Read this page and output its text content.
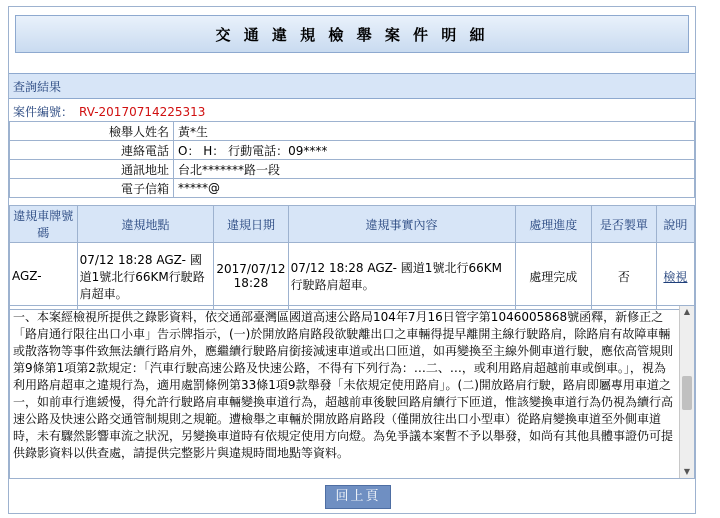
交 通 違 規 檢 舉 案 件 明 細
查詢結果
案件編號： RV-20170714225313
檢舉人姓名	黃*生
連絡電話	O： H： 行動電話：09****
通訊地址	台北*******路一段
電子信箱	*****@
違規車牌號碼	違規地點	違規日期	違規事實內容	處理進度	是否製單	說明
AGZ-	07/12 18:28 AGZ- 國道1號北行66KM行駛路肩超車。	2017/07/12 18:28	07/12 18:28 AGZ- 國道1號北行66KM行駛路肩超車。	處理完成	否	檢視
一、本案經檢視所提供之錄影資料，依交通部臺灣區國道高速公路局104年7月16日管字第1046005868號函釋，新修正之「路肩通行限往出口小車」告示牌指示，(一)於開放路肩路段欲駛離出口之車輛得提早離開主線行駛路肩，除路肩有故障車輛或散落物等事件致無法續行路肩外，應繼續行駛路肩銜接減速車道或出口匝道，如再變換至主線外側車道行駛，應依高管規則第9條第1項第2款規定：「汽車行駛高速公路及快速公路，不得有下列行為：…二、…，或利用路肩超越前車或倒車。」，視為利用路肩超車之違規行為，適用處罰條例第33條1項9款舉發「未依規定使用路肩」。(二)開放路肩行駛，路肩即屬專用車道之一，如前車行進緩慢，得允許行駛路肩車輛變換車道行為，超越前車後駛回路肩續行下匝道，惟該變換車道行為仍視為續行高速公路及快速公路交通管制規則之規範。遭檢舉之車輛於開放路肩路段（僅開放往出口小型車）從路肩變換車道至外側車道時，未有驟然影響車流之狀況，另變換車道時有依規定使用方向燈。為免爭議本案暫不予以舉發，如尚有其他具體事證仍可提供錄影資料以供查處，請提供完整影片與違規時間地點等資料。
▲
▼
回上頁
